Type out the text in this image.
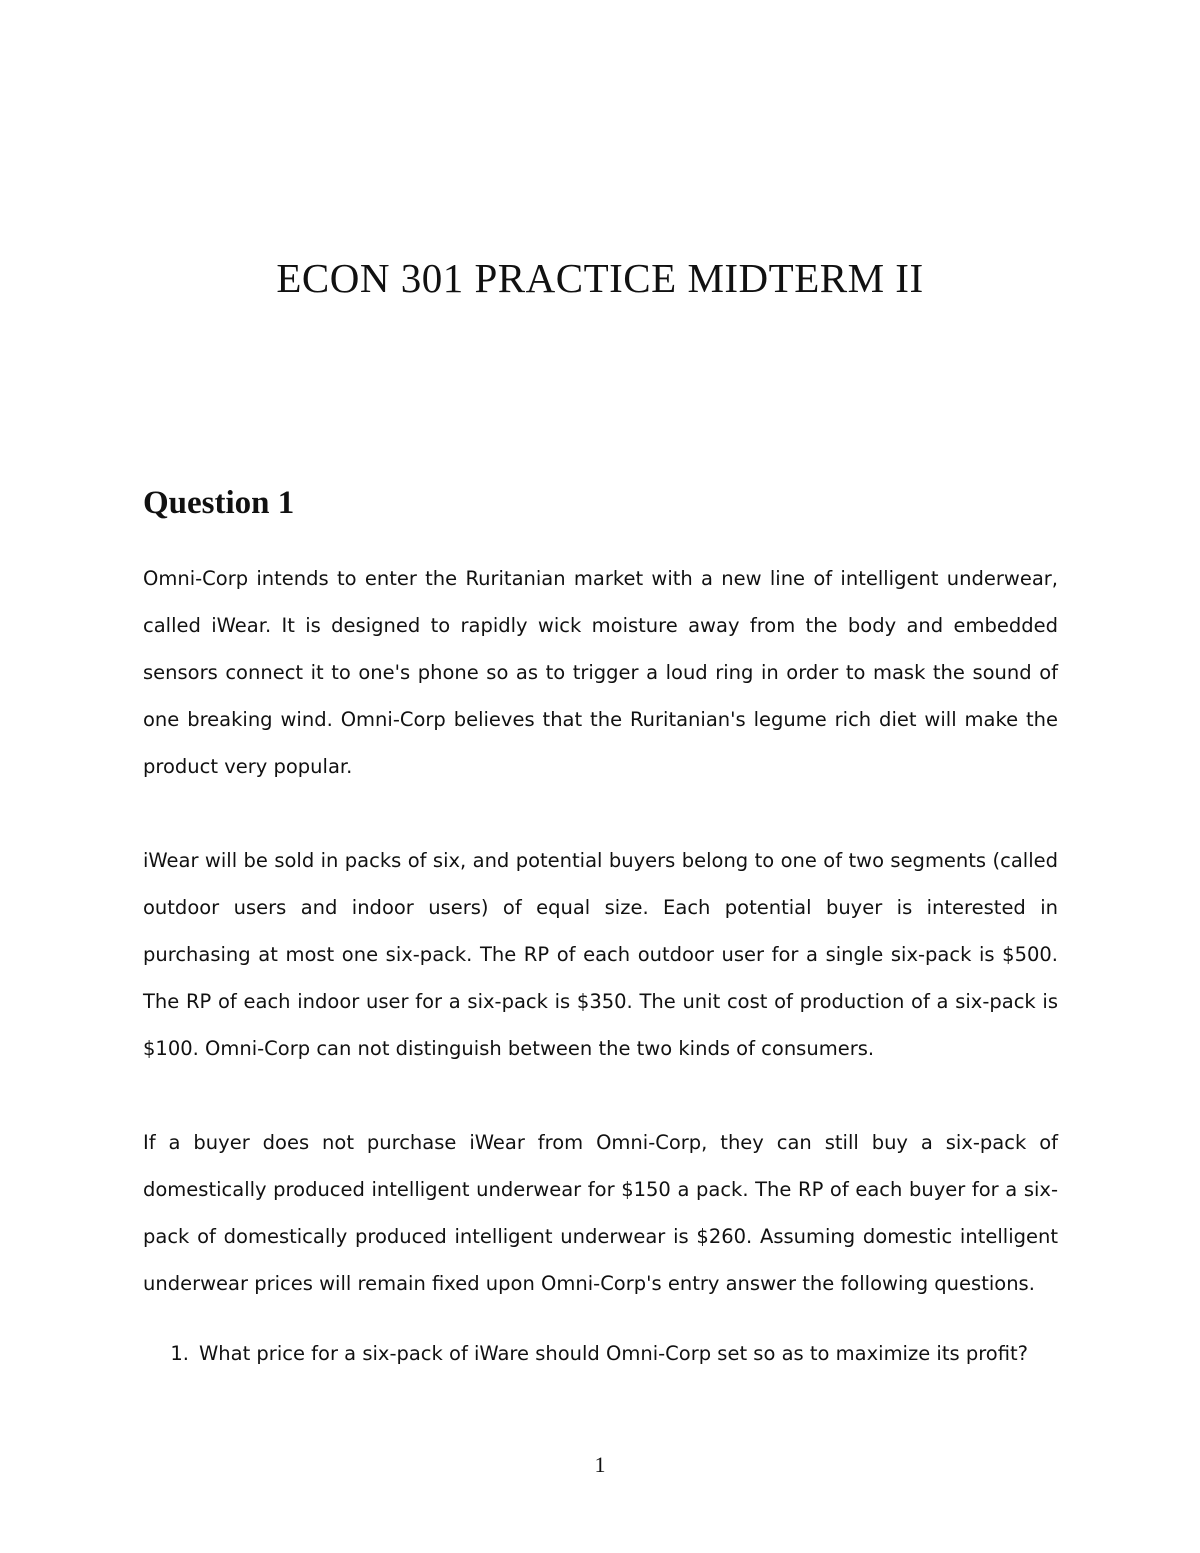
ECON 301 PRACTICE MIDTERM II
Question 1

Omni-Corp intends to enter the Ruritanian market with a new line of intelligent underwear, called iWear. It is designed to rapidly wick moisture away from the body and embedded sensors connect it to one's phone so as to trigger a loud ring in order to mask the sound of one breaking wind. Omni-Corp believes that the Ruritanian's legume rich diet will make the product very popular.

iWear will be sold in packs of six, and potential buyers belong to one of two segments (called outdoor users and indoor users) of equal size. Each potential buyer is interested in purchasing at most one six-pack. The RP of each outdoor user for a single six-pack is $500. The RP of each indoor user for a six-pack is $350. The unit cost of production of a six-pack is $100. Omni-Corp can not distinguish between the two kinds of consumers.

If a buyer does not purchase iWear from Omni-Corp, they can still buy a six-pack of domestically produced intelligent underwear for $150 a pack. The RP of each buyer for a six-pack of domestically produced intelligent underwear is $260. Assuming domestic intelligent underwear prices will remain fixed upon Omni-Corp's entry answer the following questions.

1. What price for a six-pack of iWare should Omni-Corp set so as to maximize its profit?
1
